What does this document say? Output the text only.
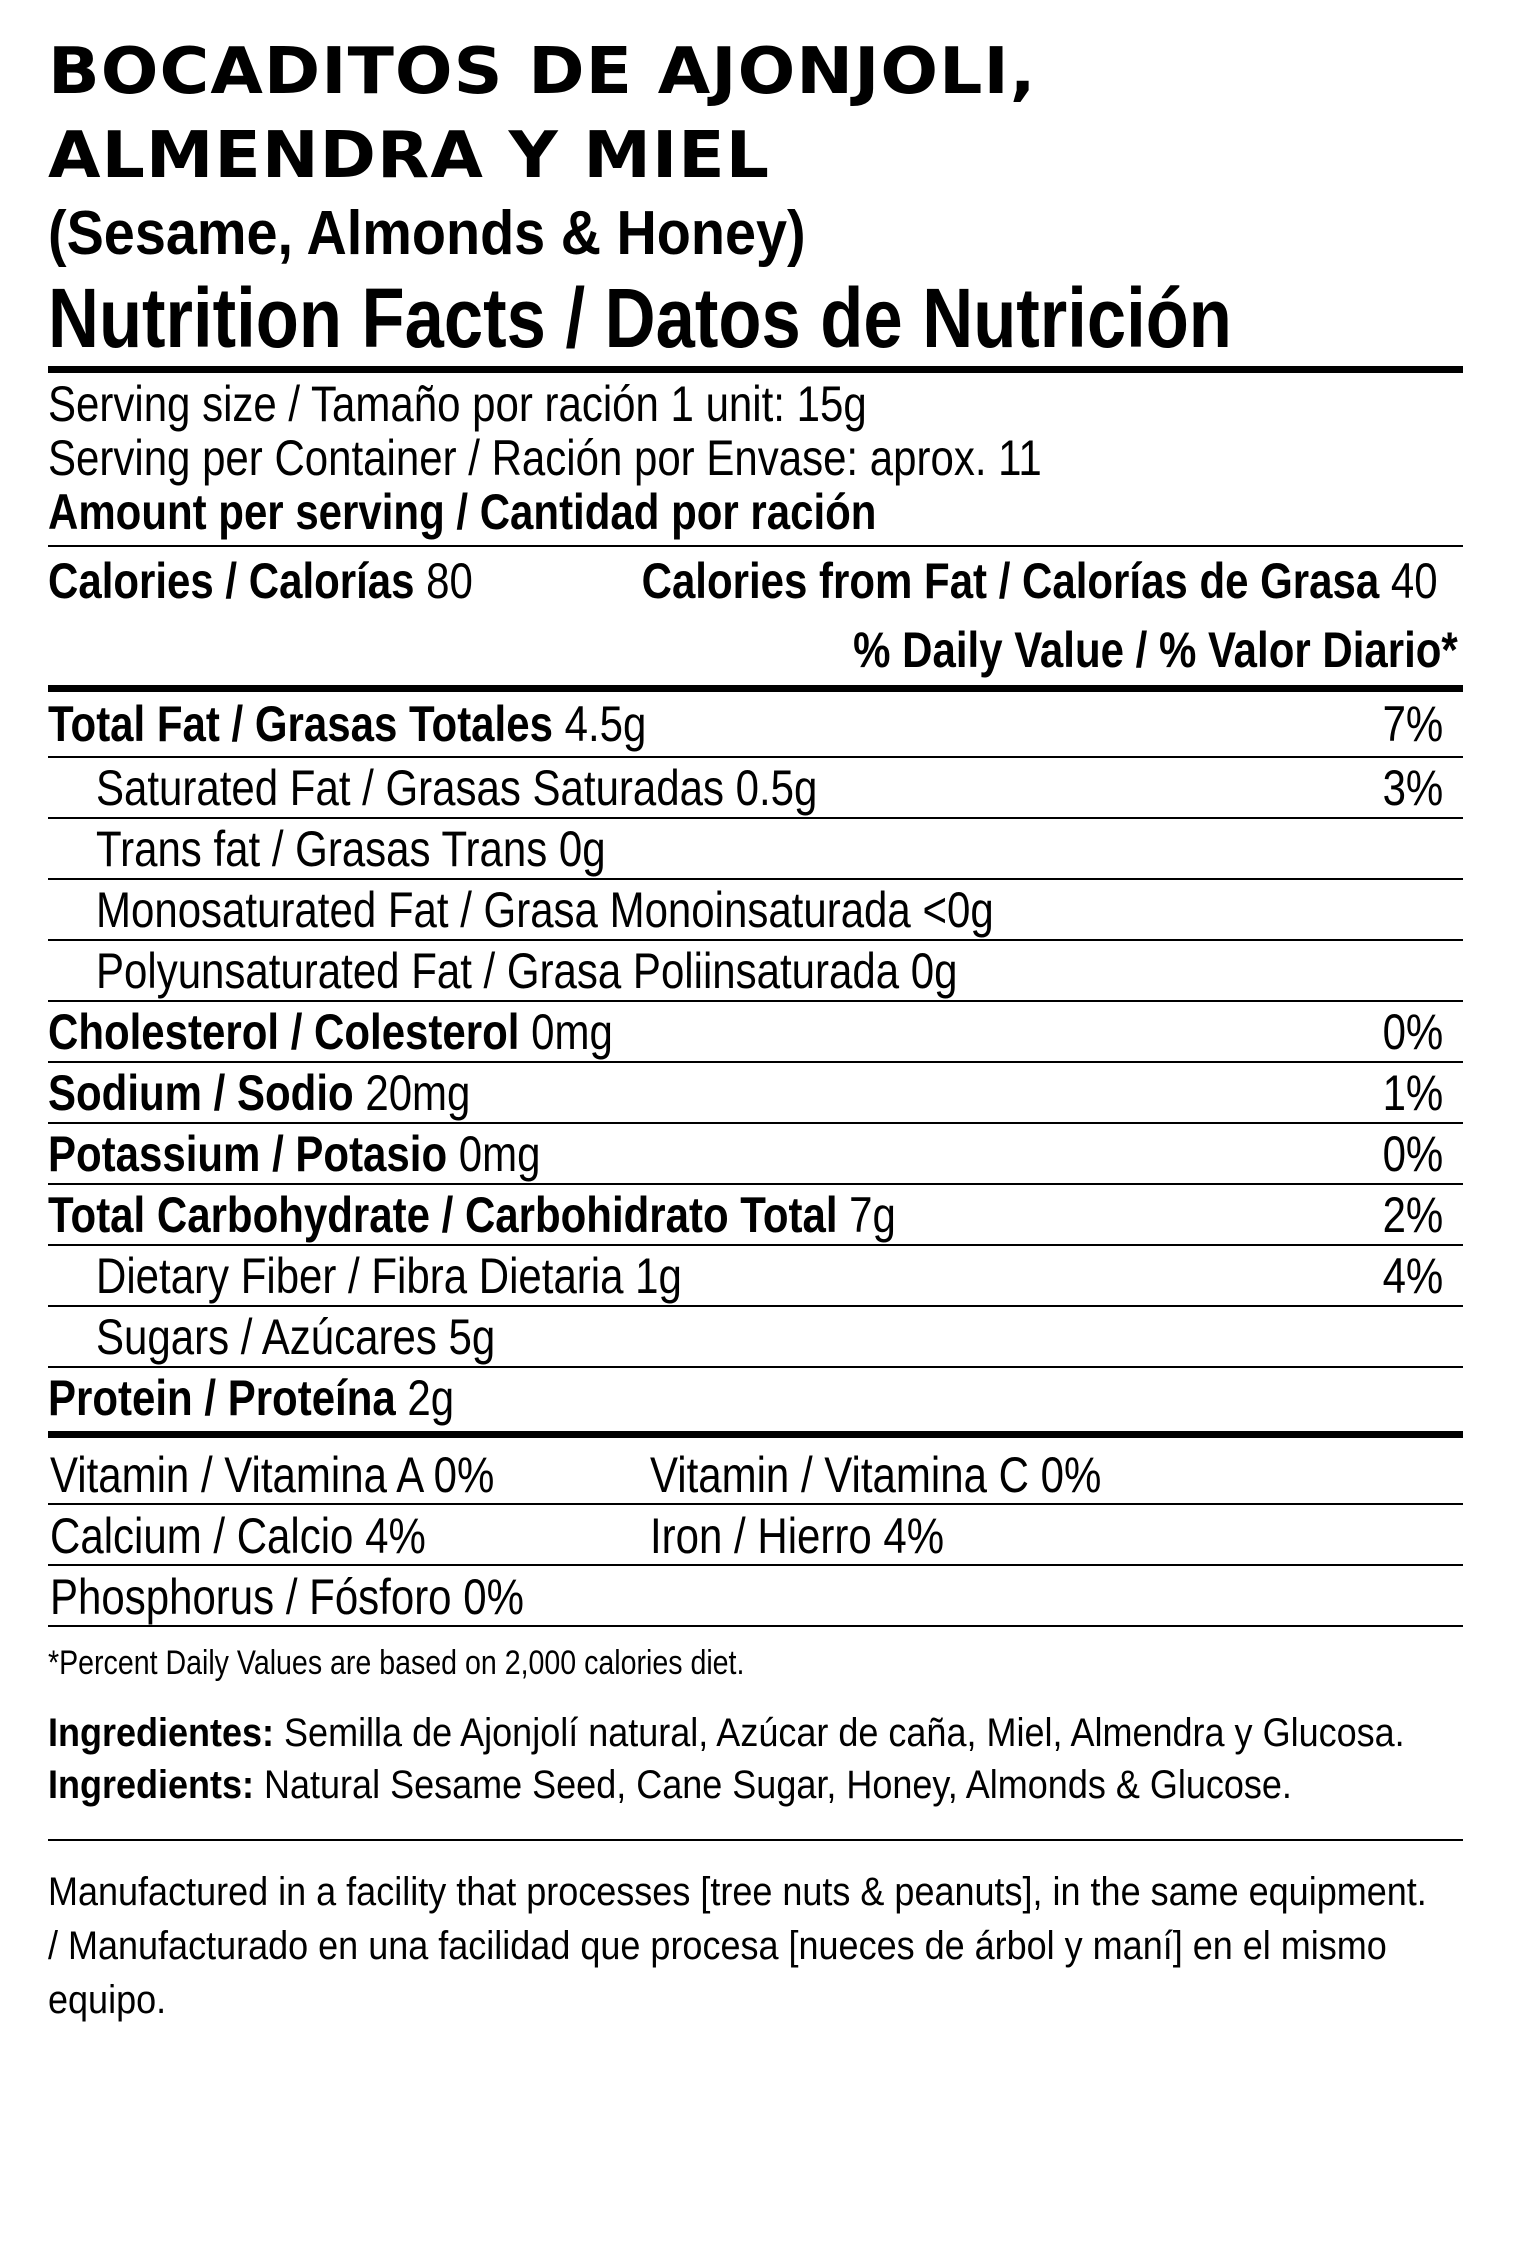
BOCADITOS DE AJONJOLI,
ALMENDRA Y MIEL
(Sesame, Almonds & Honey)
Nutrition Facts / Datos de Nutrición
Serving size / Tamaño por ración 1 unit: 15g
Serving per Container / Ración por Envase: aprox. 11
Amount per serving / Cantidad por ración
Calories / Calorías 80	Calories from Fat / Calorías de Grasa 40
% Daily Value / % Valor Diario*
Total Fat / Grasas Totales 4.5g	7%
Saturated Fat / Grasas Saturadas 0.5g	3%
Trans fat / Grasas Trans 0g
Monosaturated Fat / Grasa Monoinsaturada <0g
Polyunsaturated Fat / Grasa Poliinsaturada 0g
Cholesterol / Colesterol 0mg	0%
Sodium / Sodio 20mg	1%
Potassium / Potasio 0mg	0%
Total Carbohydrate / Carbohidrato Total 7g	2%
Dietary Fiber / Fibra Dietaria 1g	4%
Sugars / Azúcares 5g
Protein / Proteína 2g
Vitamin / Vitamina A 0%	Vitamin / Vitamina C 0%
Calcium / Calcio 4%	Iron / Hierro 4%
Phosphorus / Fósforo 0%
*Percent Daily Values are based on 2,000 calories diet.
Ingredientes: Semilla de Ajonjolí natural, Azúcar de caña, Miel, Almendra y Glucosa.
Ingredients: Natural Sesame Seed, Cane Sugar, Honey, Almonds & Glucose.
Manufactured in a facility that processes [tree nuts & peanuts], in the same equipment. / Manufacturado en una facilidad que procesa [nueces de árbol y maní] en el mismo equipo.
